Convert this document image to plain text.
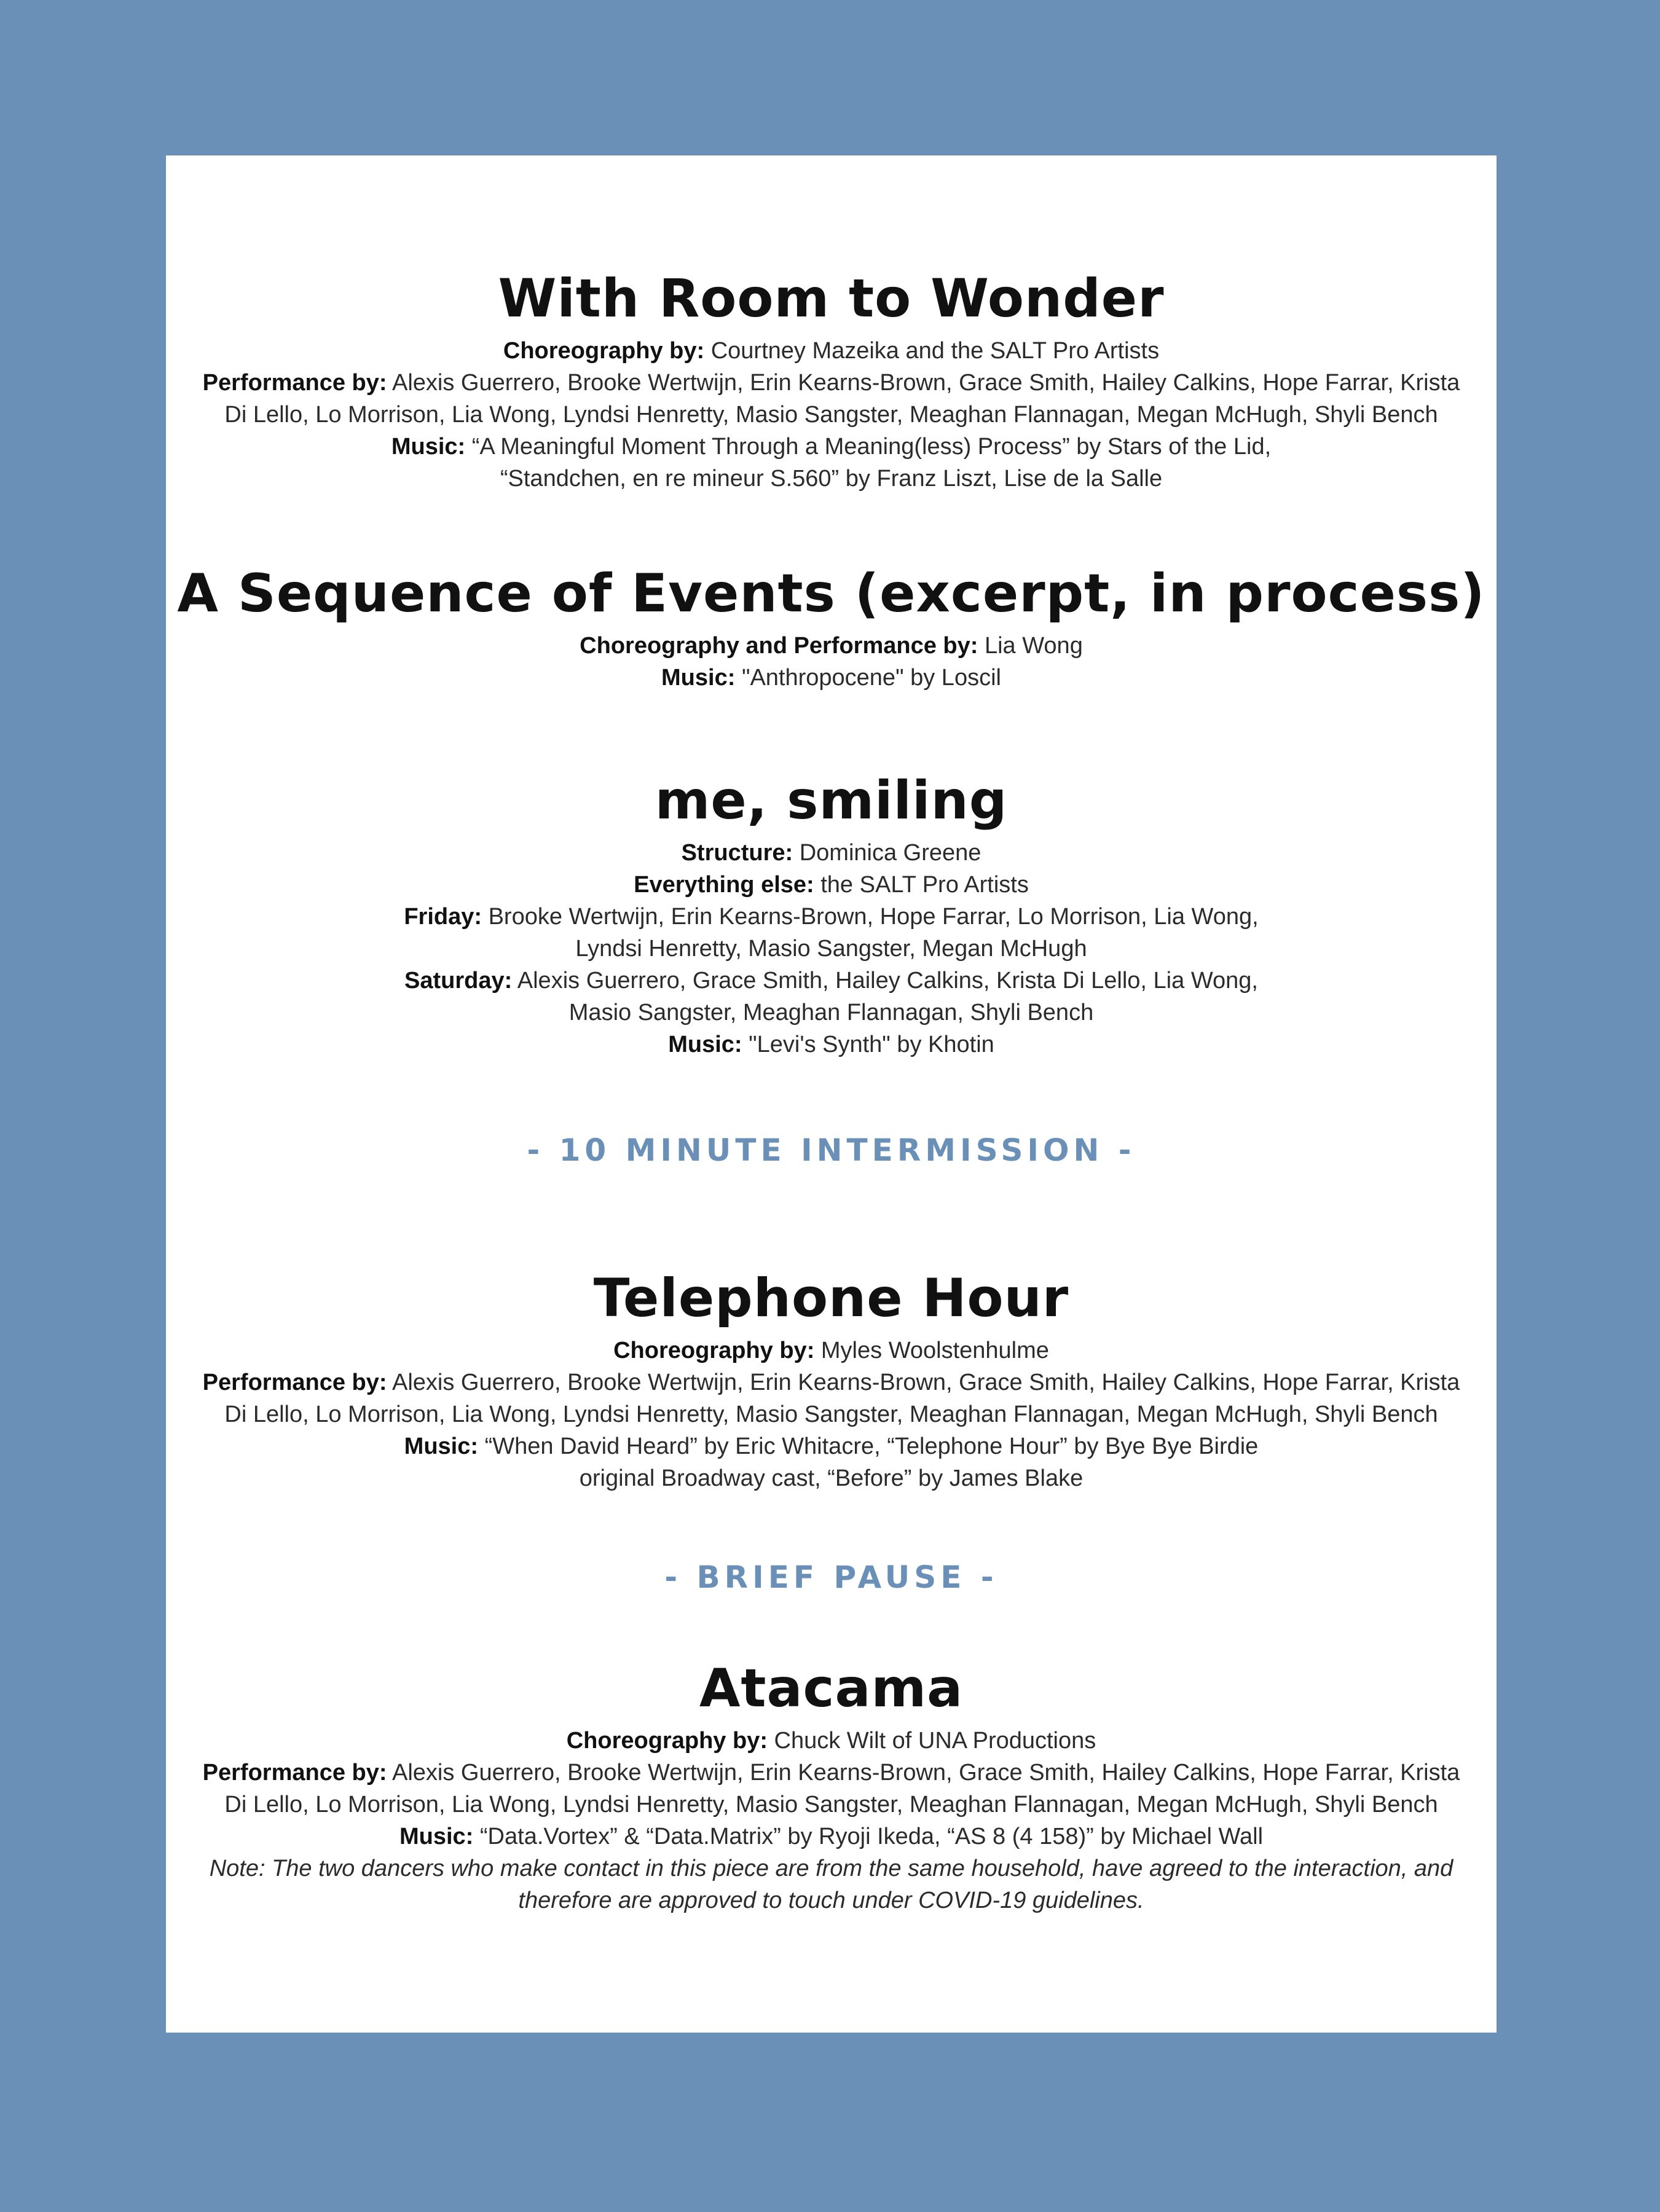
With Room to Wonder
Choreography by: Courtney Mazeika and the SALT Pro Artists
Performance by: Alexis Guerrero, Brooke Wertwijn, Erin Kearns-Brown, Grace Smith, Hailey Calkins, Hope Farrar, Krista
Di Lello, Lo Morrison, Lia Wong, Lyndsi Henretty, Masio Sangster, Meaghan Flannagan, Megan McHugh, Shyli Bench
Music: “A Meaningful Moment Through a Meaning(less) Process” by Stars of the Lid,
“Standchen, en re mineur S.560” by Franz Liszt, Lise de la Salle
A Sequence of Events (excerpt, in process)
Choreography and Performance by: Lia Wong
Music: "Anthropocene" by Loscil
me, smiling
Structure: Dominica Greene
Everything else: the SALT Pro Artists
Friday: Brooke Wertwijn, Erin Kearns-Brown, Hope Farrar, Lo Morrison, Lia Wong,
Lyndsi Henretty, Masio Sangster, Megan McHugh
Saturday: Alexis Guerrero, Grace Smith, Hailey Calkins, Krista Di Lello, Lia Wong,
Masio Sangster, Meaghan Flannagan, Shyli Bench
Music: "Levi's Synth" by Khotin
- 10 MINUTE INTERMISSION -
Telephone Hour
Choreography by: Myles Woolstenhulme
Performance by: Alexis Guerrero, Brooke Wertwijn, Erin Kearns-Brown, Grace Smith, Hailey Calkins, Hope Farrar, Krista
Di Lello, Lo Morrison, Lia Wong, Lyndsi Henretty, Masio Sangster, Meaghan Flannagan, Megan McHugh, Shyli Bench
Music: “When David Heard” by Eric Whitacre, “Telephone Hour” by Bye Bye Birdie
original Broadway cast, “Before” by James Blake
- BRIEF PAUSE -
Atacama
Choreography by: Chuck Wilt of UNA Productions
Performance by: Alexis Guerrero, Brooke Wertwijn, Erin Kearns-Brown, Grace Smith, Hailey Calkins, Hope Farrar, Krista
Di Lello, Lo Morrison, Lia Wong, Lyndsi Henretty, Masio Sangster, Meaghan Flannagan, Megan McHugh, Shyli Bench
Music: “Data.Vortex” & “Data.Matrix” by Ryoji Ikeda, “AS 8 (4 158)” by Michael Wall
Note: The two dancers who make contact in this piece are from the same household, have agreed to the interaction, and
therefore are approved to touch under COVID-19 guidelines.
